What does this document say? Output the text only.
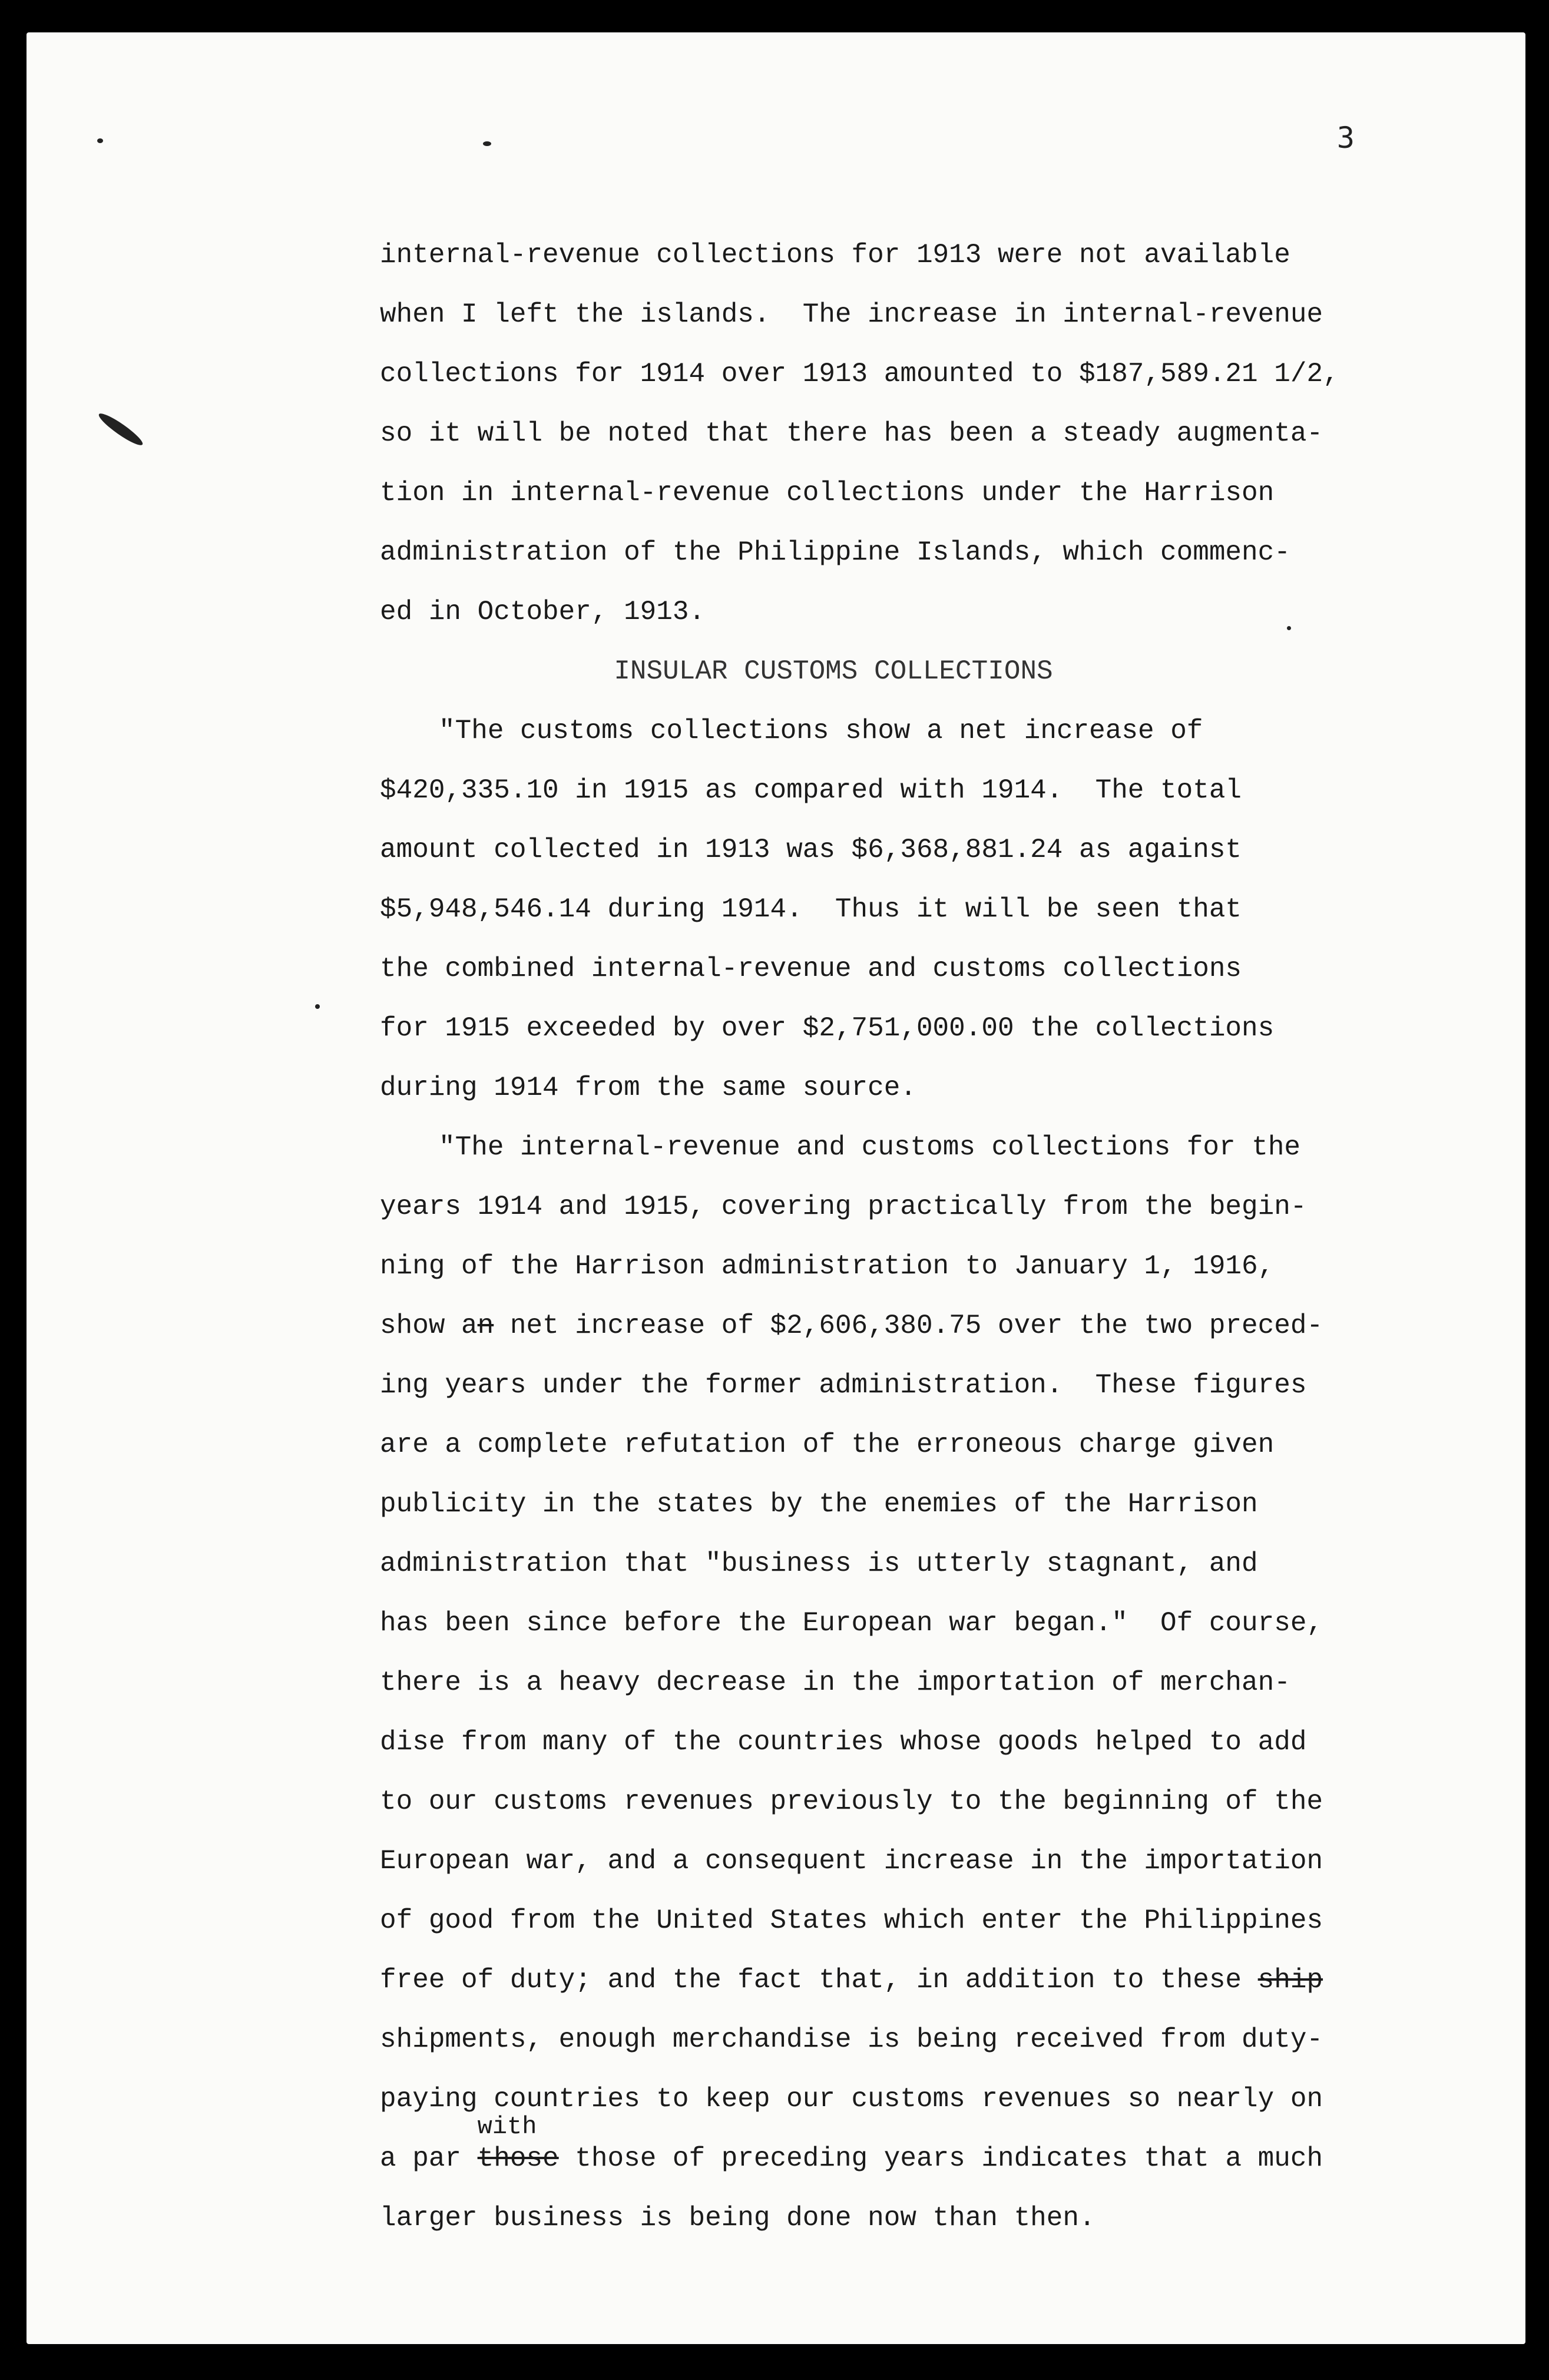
3
internal-revenue collections for 1913 were not available
when I left the islands.  The increase in internal-revenue
collections for 1914 over 1913 amounted to $187,589.21 1/2,
so it will be noted that there has been a steady augmenta-
tion in internal-revenue collections under the Harrison
administration of the Philippine Islands, which commenc-
ed in October, 1913.
INSULAR CUSTOMS COLLECTIONS
"The customs collections show a net increase of
$420,335.10 in 1915 as compared with 1914.  The total
amount collected in 1913 was $6,368,881.24 as against
$5,948,546.14 during 1914.  Thus it will be seen that
the combined internal-revenue and customs collections
for 1915 exceeded by over $2,751,000.00 the collections
during 1914 from the same source.
"The internal-revenue and customs collections for the
years 1914 and 1915, covering practically from the begin-
ning of the Harrison administration to January 1, 1916,
show an net increase of $2,606,380.75 over the two preced-
ing years under the former administration.  These figures
are a complete refutation of the erroneous charge given
publicity in the states by the enemies of the Harrison
administration that "business is utterly stagnant, and
has been since before the European war began."  Of course,
there is a heavy decrease in the importation of merchan-
dise from many of the countries whose goods helped to add
to our customs revenues previously to the beginning of the
European war, and a consequent increase in the importation
of good from the United States which enter the Philippines
free of duty; and the fact that, in addition to these ship
shipments, enough merchandise is being received from duty-
paying countries to keep our customs revenues so nearly on
a par
with
those those of preceding years indicates that a much
larger business is being done now than then.
